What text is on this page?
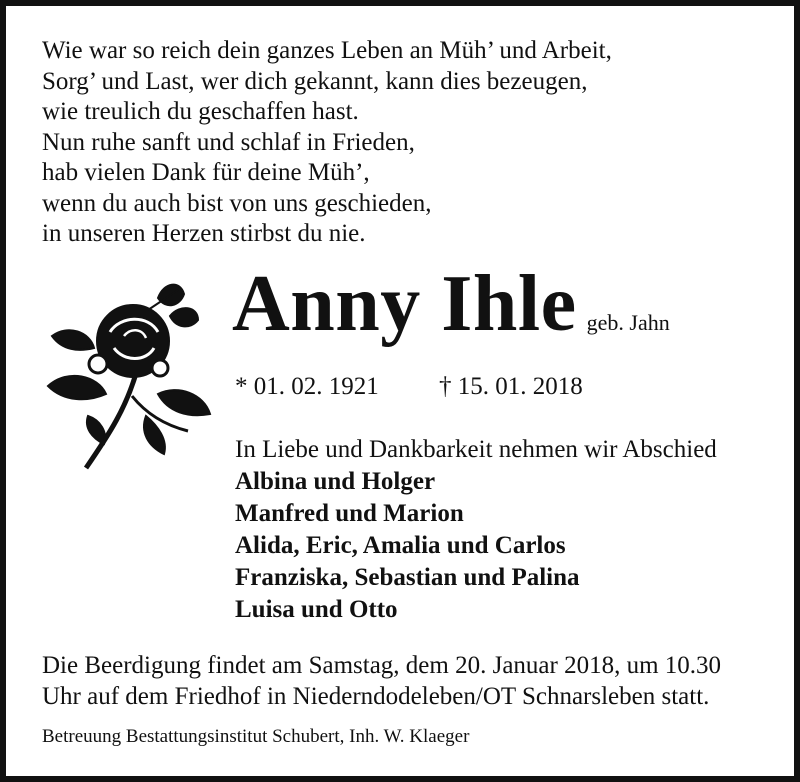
Wie war so reich dein ganzes Leben an Müh’ und Arbeit,
Sorg’ und Last, wer dich gekannt, kann dies bezeugen,
wie treulich du geschaffen hast.
Nun ruhe sanft und schlaf in Frieden,
hab vielen Dank für deine Müh’,
wenn du auch bist von uns geschieden,
in unseren Herzen stirbst du nie.
Anny Ihle geb. Jahn
* 01. 02. 1921 † 15. 01. 2018
In Liebe und Dankbarkeit nehmen wir Abschied
Albina und Holger
Manfred und Marion
Alida, Eric, Amalia und Carlos
Franziska, Sebastian und Palina
Luisa und Otto
Die Beerdigung findet am Samstag, dem 20. Januar 2018, um 10.30
Uhr auf dem Friedhof in Niederndodeleben/OT Schnarsleben statt.
Betreuung Bestattungsinstitut Schubert, Inh. W. Klaeger
